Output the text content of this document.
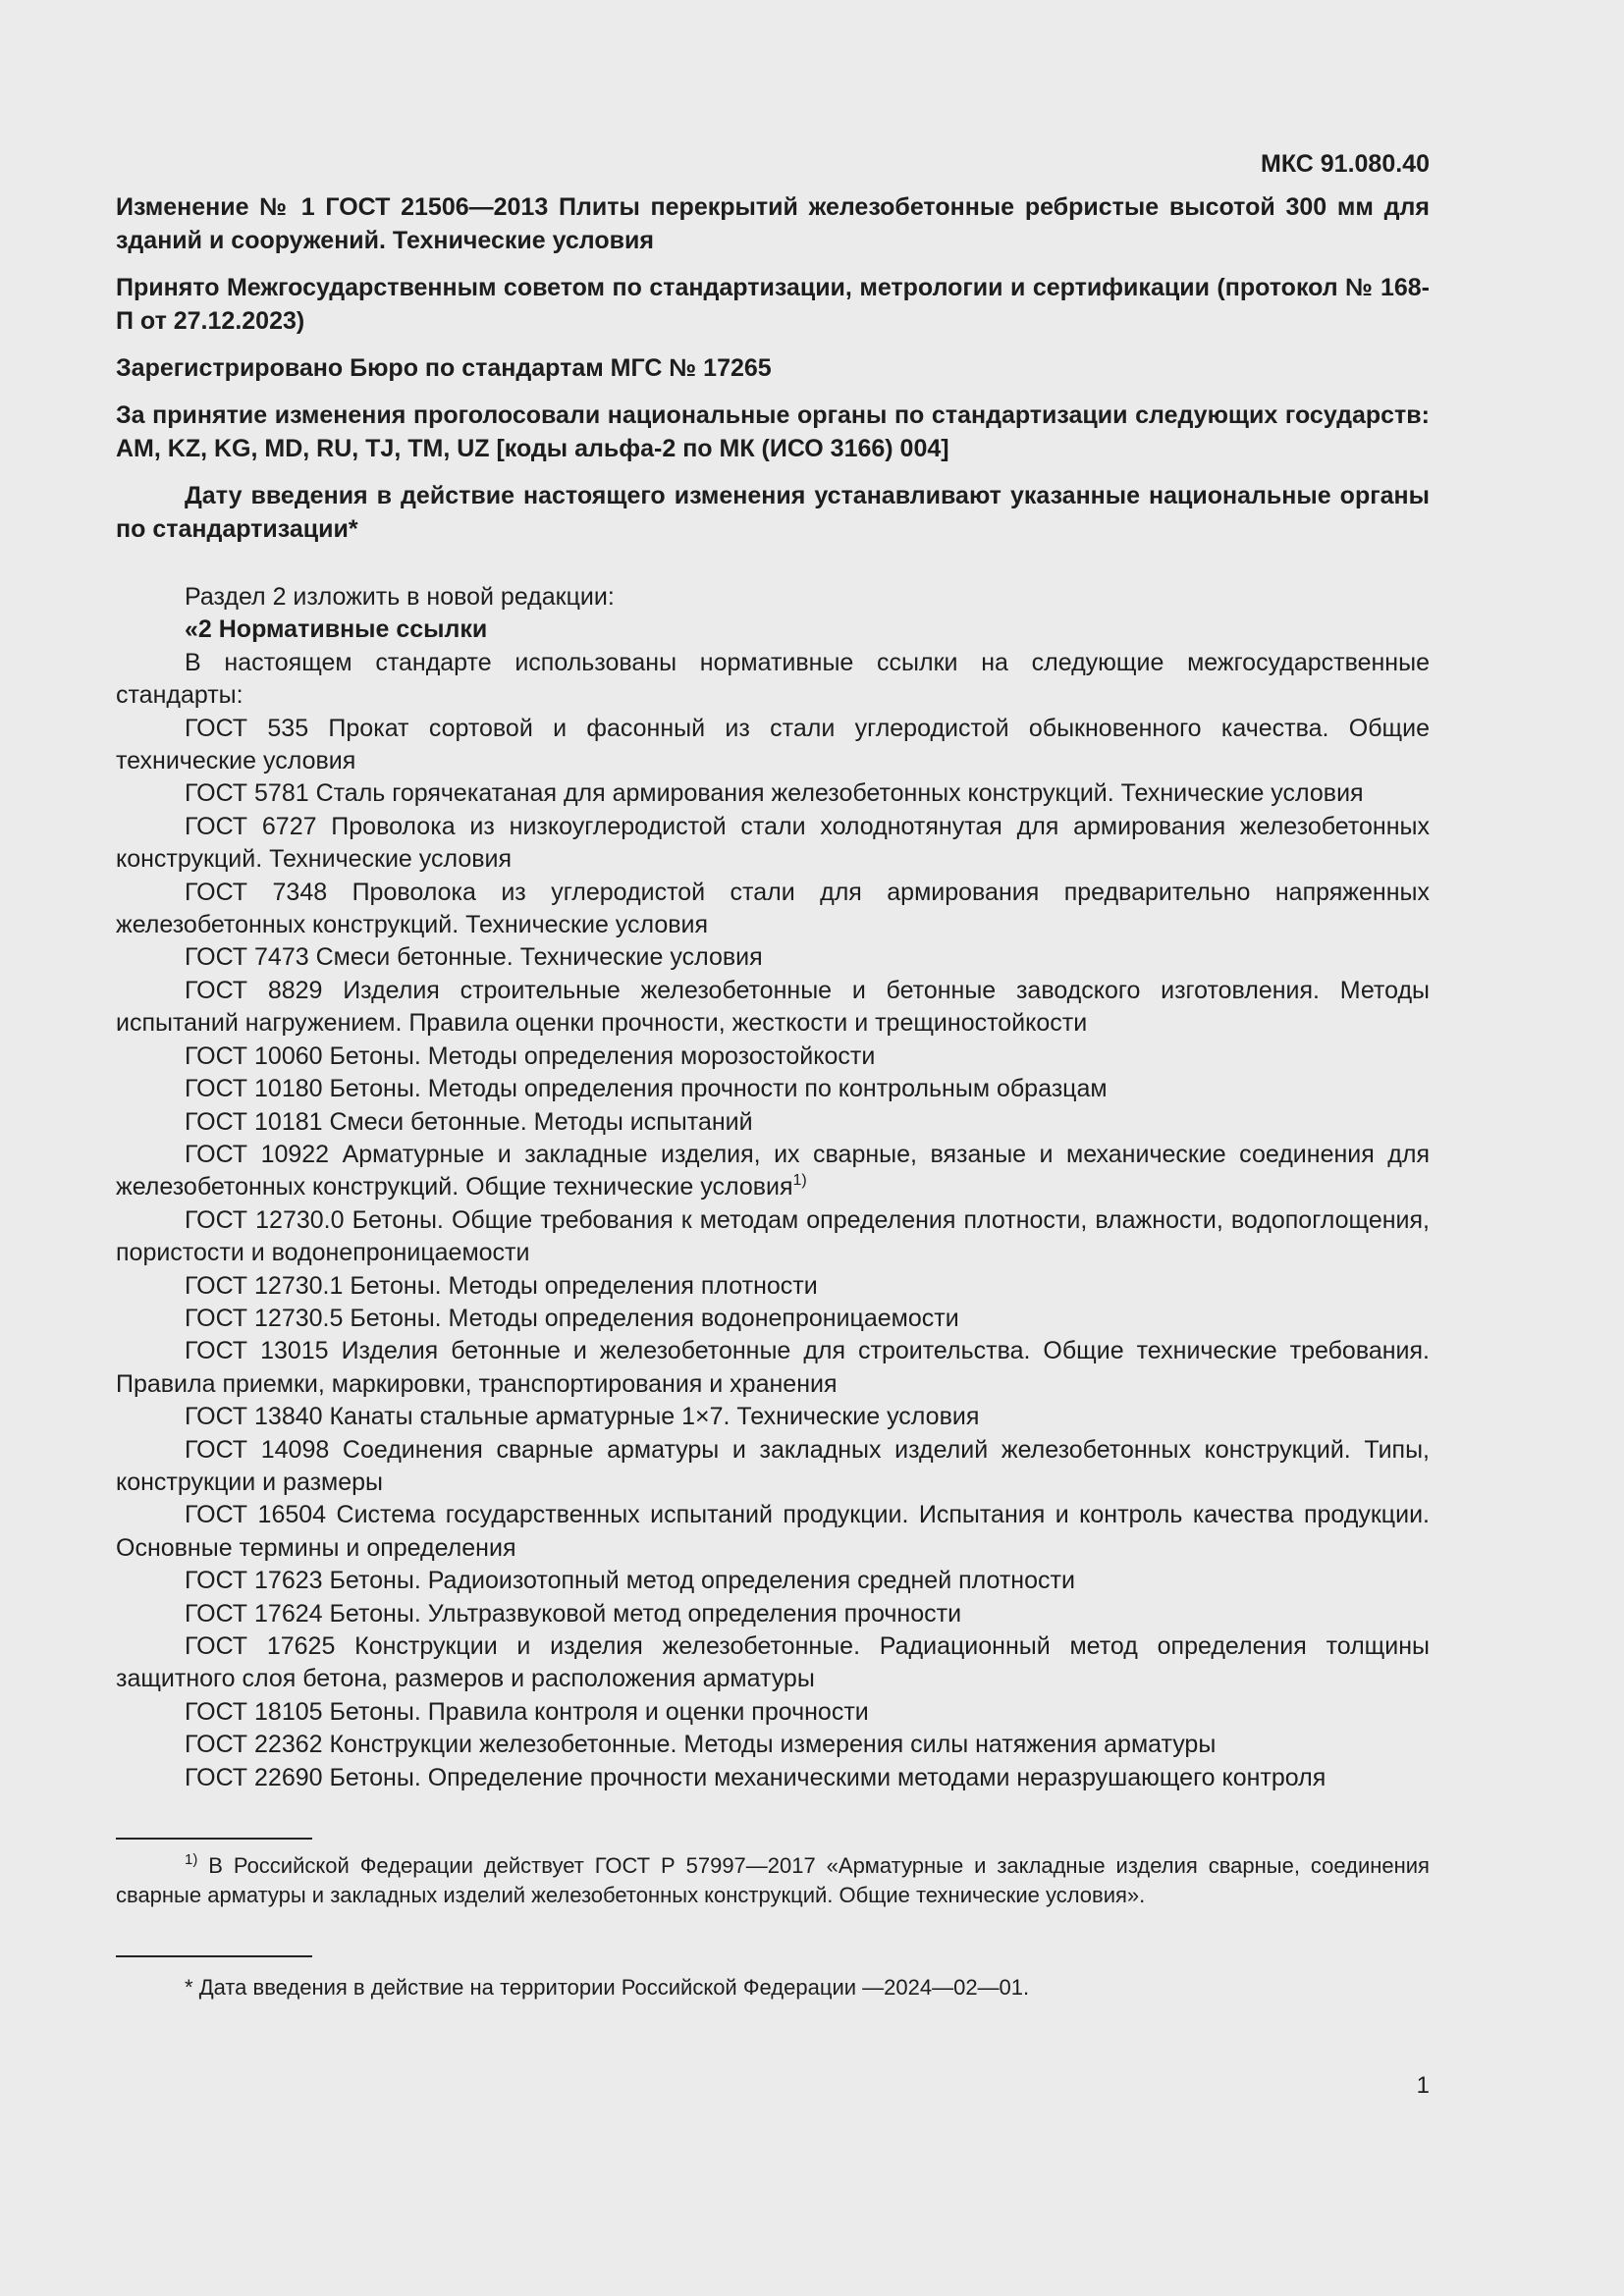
МКС 91.080.40
Изменение № 1 ГОСТ 21506—2013 Плиты перекрытий железобетонные ребристые высотой 300 мм для зданий и сооружений. Технические условия
Принято Межгосударственным советом по стандартизации, метрологии и сертификации (протокол № 168-П от 27.12.2023)
Зарегистрировано Бюро по стандартам МГС № 17265
За принятие изменения проголосовали национальные органы по стандартизации следующих государств: AM, KZ, KG, MD, RU, TJ, TM, UZ [коды альфа-2 по МК (ИСО 3166) 004]
Дату введения в действие настоящего изменения устанавливают указанные национальные органы по стандартизации*

Раздел 2 изложить в новой редакции:

«2 Нормативные ссылки

В настоящем стандарте использованы нормативные ссылки на следующие межгосударственные стандарты:

ГОСТ 535 Прокат сортовой и фасонный из стали углеродистой обыкновенного качества. Общие технические условия

ГОСТ 5781 Сталь горячекатаная для армирования железобетонных конструкций. Технические условия

ГОСТ 6727 Проволока из низкоуглеродистой стали холоднотянутая для армирования железобетонных конструкций. Технические условия

ГОСТ 7348 Проволока из углеродистой стали для армирования предварительно напряженных железобетонных конструкций. Технические условия

ГОСТ 7473 Смеси бетонные. Технические условия

ГОСТ 8829 Изделия строительные железобетонные и бетонные заводского изготовления. Методы испытаний нагружением. Правила оценки прочности, жесткости и трещиностойкости

ГОСТ 10060 Бетоны. Методы определения морозостойкости

ГОСТ 10180 Бетоны. Методы определения прочности по контрольным образцам

ГОСТ 10181 Смеси бетонные. Методы испытаний

ГОСТ 10922 Арматурные и закладные изделия, их сварные, вязаные и механические соединения для железобетонных конструкций. Общие технические условия$^{1)}$

ГОСТ 12730.0 Бетоны. Общие требования к методам определения плотности, влажности, водопоглощения, пористости и водонепроницаемости

ГОСТ 12730.1 Бетоны. Методы определения плотности

ГОСТ 12730.5 Бетоны. Методы определения водонепроницаемости

ГОСТ 13015 Изделия бетонные и железобетонные для строительства. Общие технические требования. Правила приемки, маркировки, транспортирования и хранения

ГОСТ 13840 Канаты стальные арматурные 1×7. Технические условия

ГОСТ 14098 Соединения сварные арматуры и закладных изделий железобетонных конструкций. Типы, конструкции и размеры

ГОСТ 16504 Система государственных испытаний продукции. Испытания и контроль качества продукции. Основные термины и определения

ГОСТ 17623 Бетоны. Радиоизотопный метод определения средней плотности

ГОСТ 17624 Бетоны. Ультразвуковой метод определения прочности

ГОСТ 17625 Конструкции и изделия железобетонные. Радиационный метод определения толщины защитного слоя бетона, размеров и расположения арматуры

ГОСТ 18105 Бетоны. Правила контроля и оценки прочности

ГОСТ 22362 Конструкции железобетонные. Методы измерения силы натяжения арматуры

ГОСТ 22690 Бетоны. Определение прочности механическими методами неразрушающего контроля

$^{1)}$ В Российской Федерации действует ГОСТ Р 57997—2017 «Арматурные и закладные изделия сварные, соединения сварные арматуры и закладных изделий железобетонных конструкций. Общие технические условия».

* Дата введения в действие на территории Российской Федерации —2024—02—01.

1
